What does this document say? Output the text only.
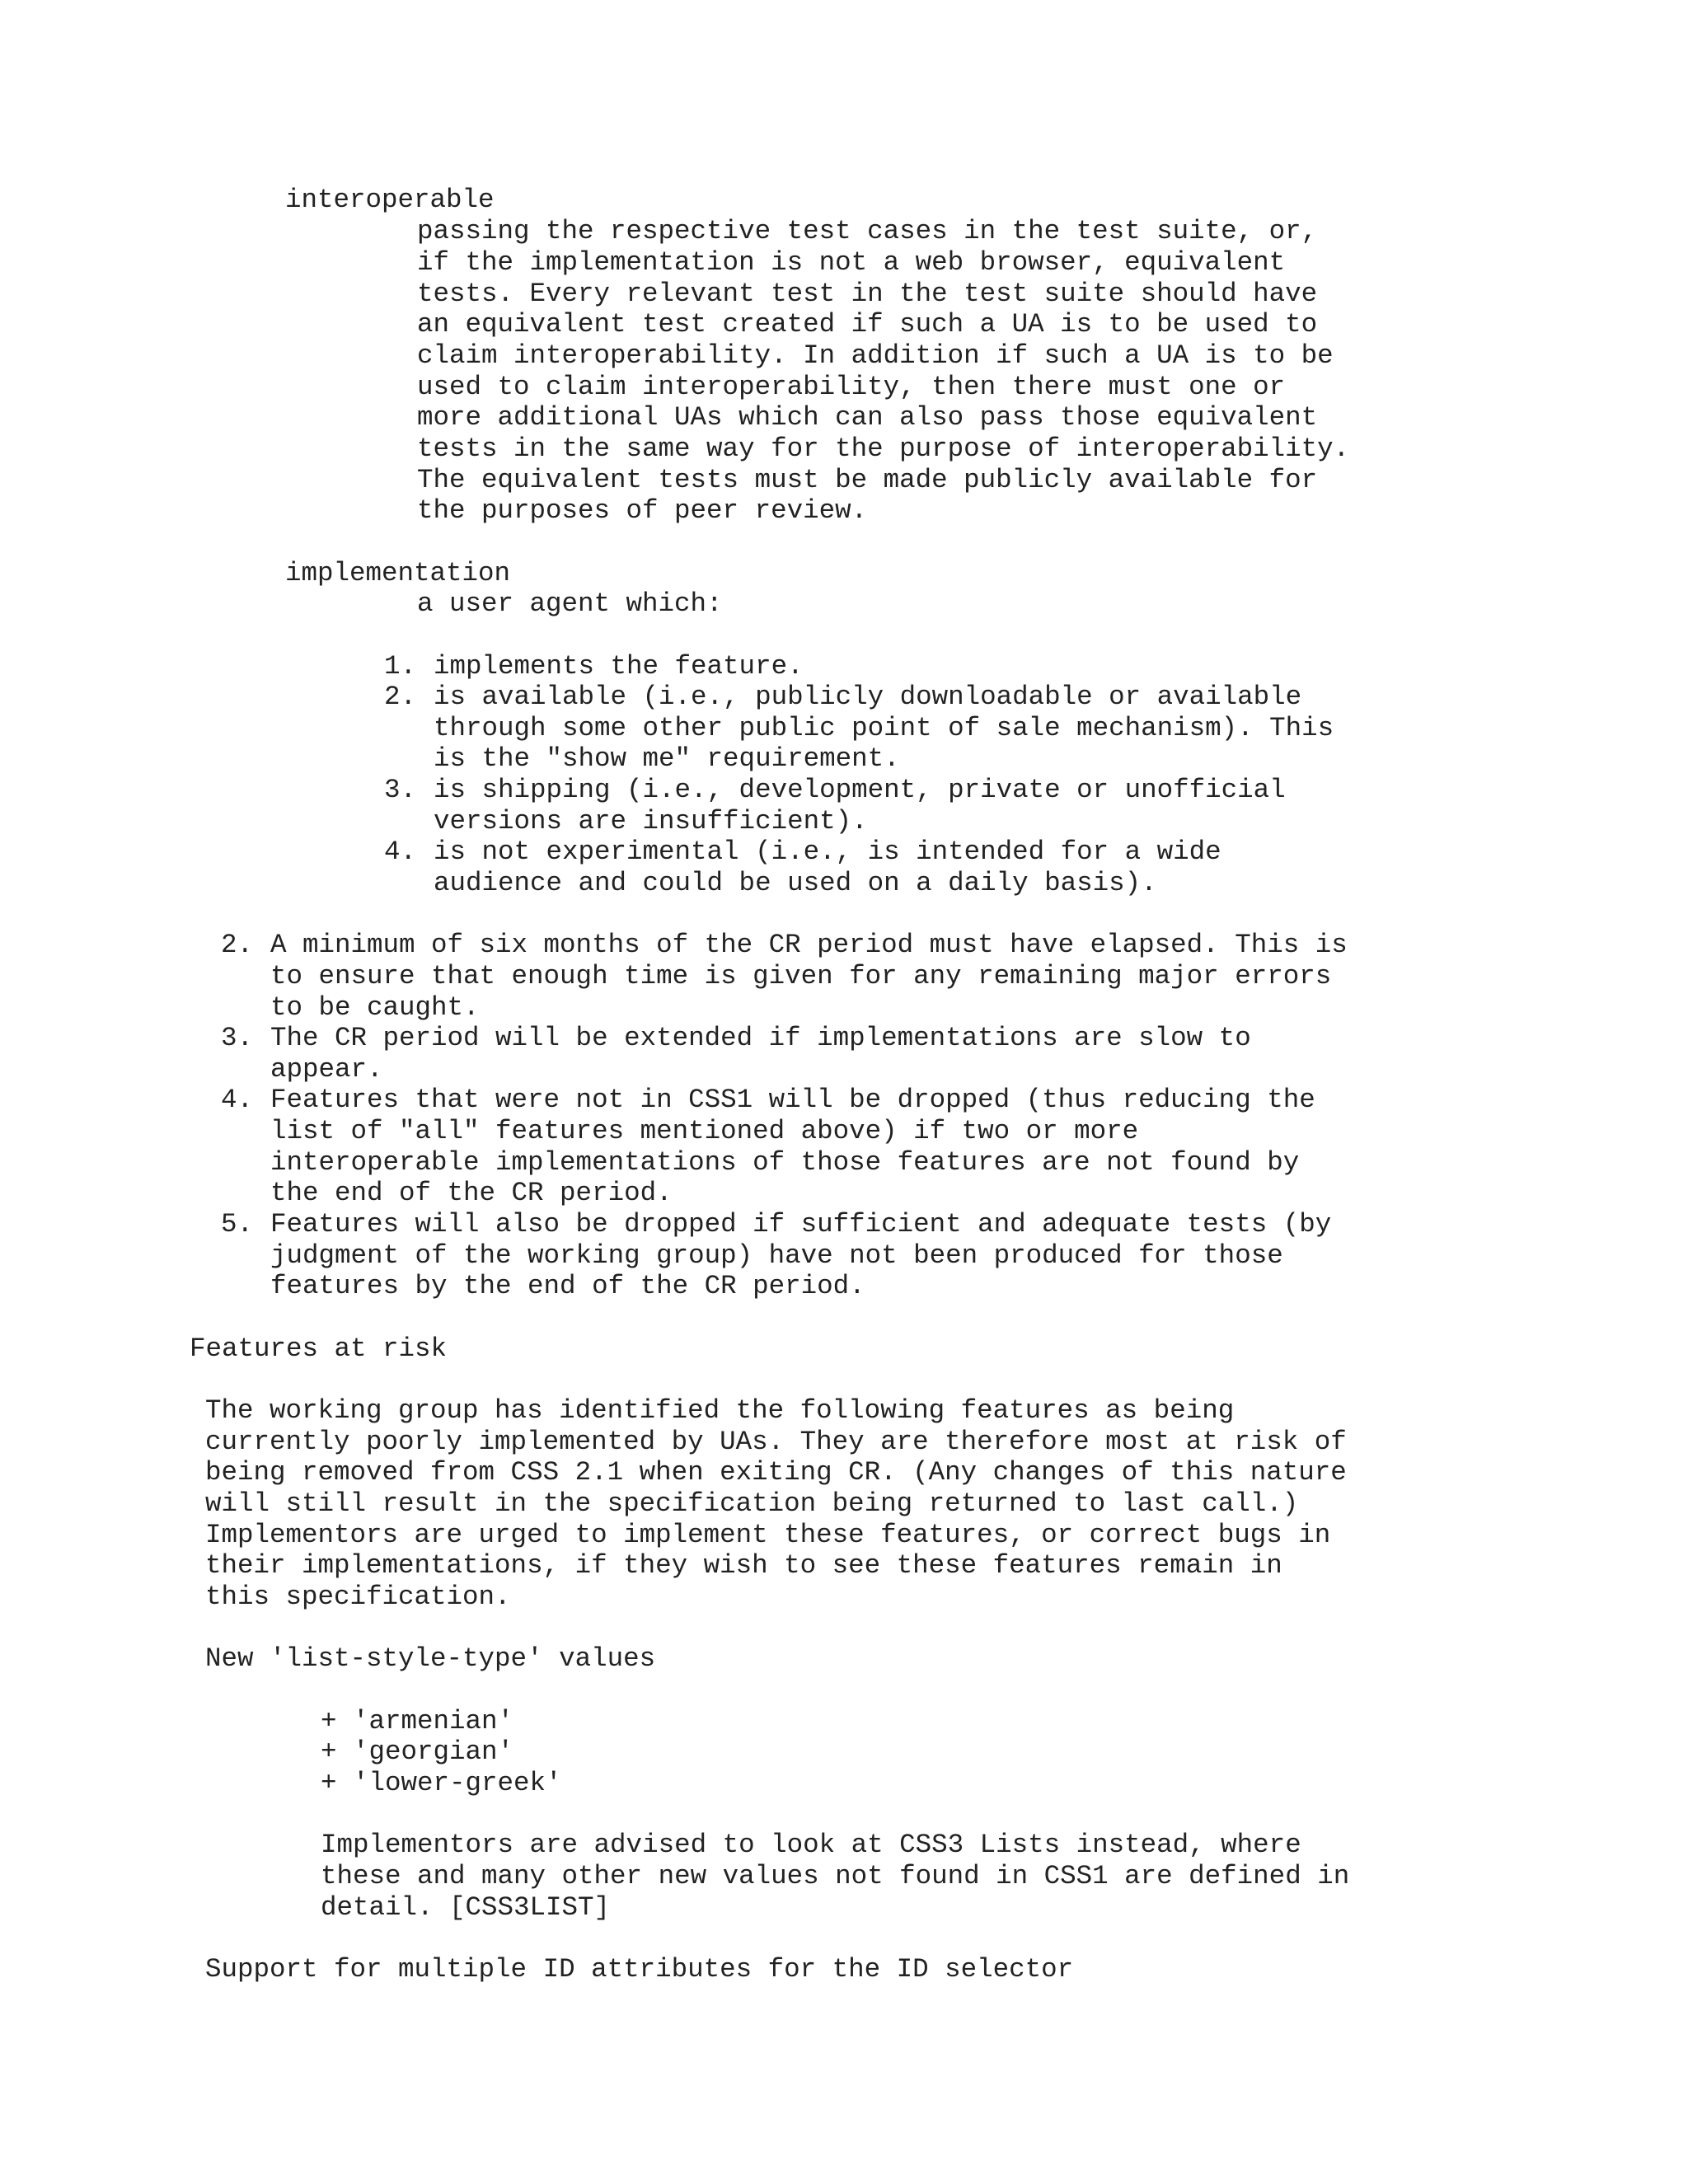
interoperable
passing the respective test cases in the test suite, or,
if the implementation is not a web browser, equivalent
tests. Every relevant test in the test suite should have
an equivalent test created if such a UA is to be used to
claim interoperability. In addition if such a UA is to be
used to claim interoperability, then there must one or
more additional UAs which can also pass those equivalent
tests in the same way for the purpose of interoperability.
The equivalent tests must be made publicly available for
the purposes of peer review.
implementation
a user agent which:
1. implements the feature.
2. is available (i.e., publicly downloadable or available
through some other public point of sale mechanism). This
is the "show me" requirement.
3. is shipping (i.e., development, private or unofficial
versions are insufficient).
4. is not experimental (i.e., is intended for a wide
audience and could be used on a daily basis).
2. A minimum of six months of the CR period must have elapsed. This is
to ensure that enough time is given for any remaining major errors
to be caught.
3. The CR period will be extended if implementations are slow to
appear.
4. Features that were not in CSS1 will be dropped (thus reducing the
list of "all" features mentioned above) if two or more
interoperable implementations of those features are not found by
the end of the CR period.
5. Features will also be dropped if sufficient and adequate tests (by
judgment of the working group) have not been produced for those
features by the end of the CR period.
Features at risk
The working group has identified the following features as being
currently poorly implemented by UAs. They are therefore most at risk of
being removed from CSS 2.1 when exiting CR. (Any changes of this nature
will still result in the specification being returned to last call.)
Implementors are urged to implement these features, or correct bugs in
their implementations, if they wish to see these features remain in
this specification.
New 'list-style-type' values
+ 'armenian'
+ 'georgian'
+ 'lower-greek'
Implementors are advised to look at CSS3 Lists instead, where
these and many other new values not found in CSS1 are defined in
detail. [CSS3LIST]
Support for multiple ID attributes for the ID selector
